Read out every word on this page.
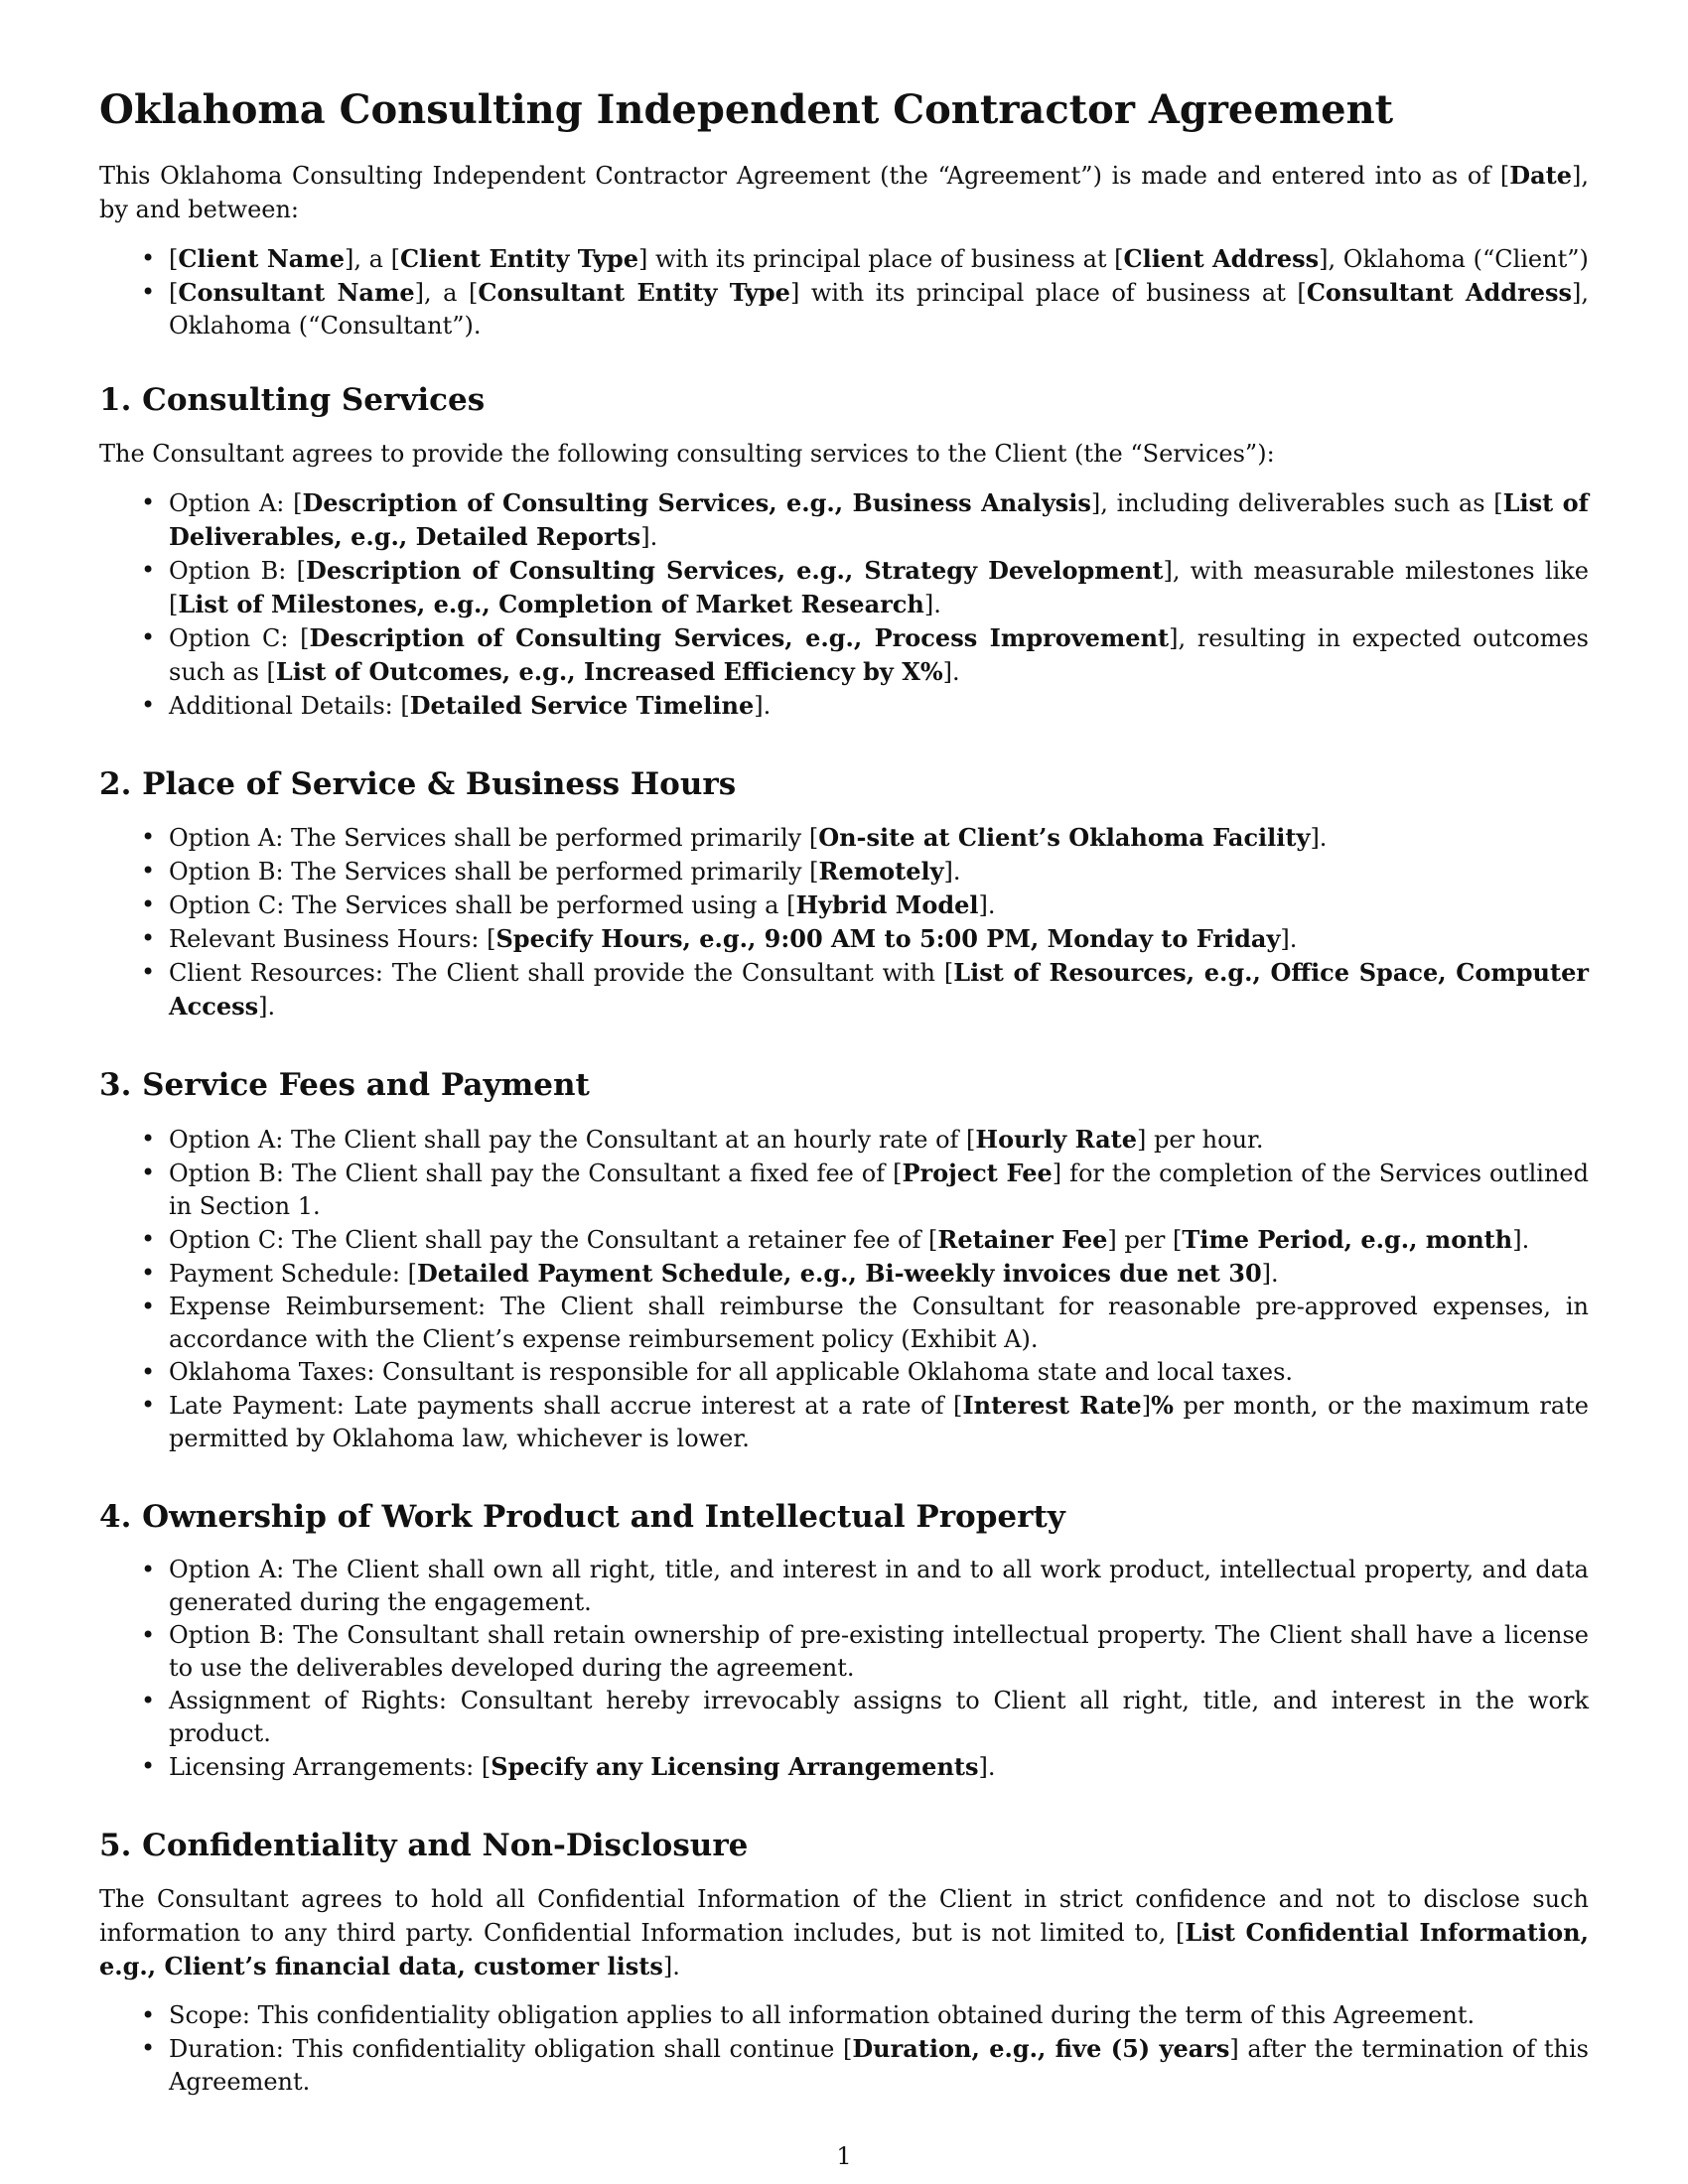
Oklahoma Consulting Independent Contractor Agreement

This Oklahoma Consulting Independent Contractor Agreement (the “Agreement”) is made and entered into as of [Date], by and between:

• [Client Name], a [Client Entity Type] with its principal place of business at [Client Address], Oklahoma (“Client”)
• [Consultant Name], a [Consultant Entity Type] with its principal place of business at [Consultant Address], Oklahoma (“Consultant”).
1. Consulting Services

The Consultant agrees to provide the following consulting services to the Client (the “Services”):

• Option A: [Description of Consulting Services, e.g., Business Analysis], including deliverables such as [List of Deliverables, e.g., Detailed Reports].
• Option B: [Description of Consulting Services, e.g., Strategy Development], with measurable milestones like [List of Milestones, e.g., Completion of Market Research].
• Option C: [Description of Consulting Services, e.g., Process Improvement], resulting in expected outcomes such as [List of Outcomes, e.g., Increased Efficiency by X%].
• Additional Details: [Detailed Service Timeline].
2. Place of Service & Business Hours
• Option A: The Services shall be performed primarily [On-site at Client’s Oklahoma Facility].
• Option B: The Services shall be performed primarily [Remotely].
• Option C: The Services shall be performed using a [Hybrid Model].
• Relevant Business Hours: [Specify Hours, e.g., 9:00 AM to 5:00 PM, Monday to Friday].
• Client Resources: The Client shall provide the Consultant with [List of Resources, e.g., Office Space, Computer Access].
3. Service Fees and Payment
• Option A: The Client shall pay the Consultant at an hourly rate of [Hourly Rate] per hour.
• Option B: The Client shall pay the Consultant a fixed fee of [Project Fee] for the completion of the Services outlined in Section 1.
• Option C: The Client shall pay the Consultant a retainer fee of [Retainer Fee] per [Time Period, e.g., month].
• Payment Schedule: [Detailed Payment Schedule, e.g., Bi-weekly invoices due net 30].
• Expense Reimbursement: The Client shall reimburse the Consultant for reasonable pre-approved expenses, in accordance with the Client’s expense reimbursement policy (Exhibit A).
• Oklahoma Taxes: Consultant is responsible for all applicable Oklahoma state and local taxes.
• Late Payment: Late payments shall accrue interest at a rate of [Interest Rate]% per month, or the maximum rate permitted by Oklahoma law, whichever is lower.
4. Ownership of Work Product and Intellectual Property
• Option A: The Client shall own all right, title, and interest in and to all work product, intellectual property, and data generated during the engagement.
• Option B: The Consultant shall retain ownership of pre-existing intellectual property. The Client shall have a license to use the deliverables developed during the agreement.
• Assignment of Rights: Consultant hereby irrevocably assigns to Client all right, title, and interest in the work product.
• Licensing Arrangements: [Specify any Licensing Arrangements].
5. Confidentiality and Non-Disclosure

The Consultant agrees to hold all Confidential Information of the Client in strict confidence and not to disclose such information to any third party. Confidential Information includes, but is not limited to, [List Confidential Information, e.g., Client’s financial data, customer lists].

• Scope: This confidentiality obligation applies to all information obtained during the term of this Agreement.
• Duration: This confidentiality obligation shall continue [Duration, e.g., five (5) years] after the termination of this Agreement.
1
